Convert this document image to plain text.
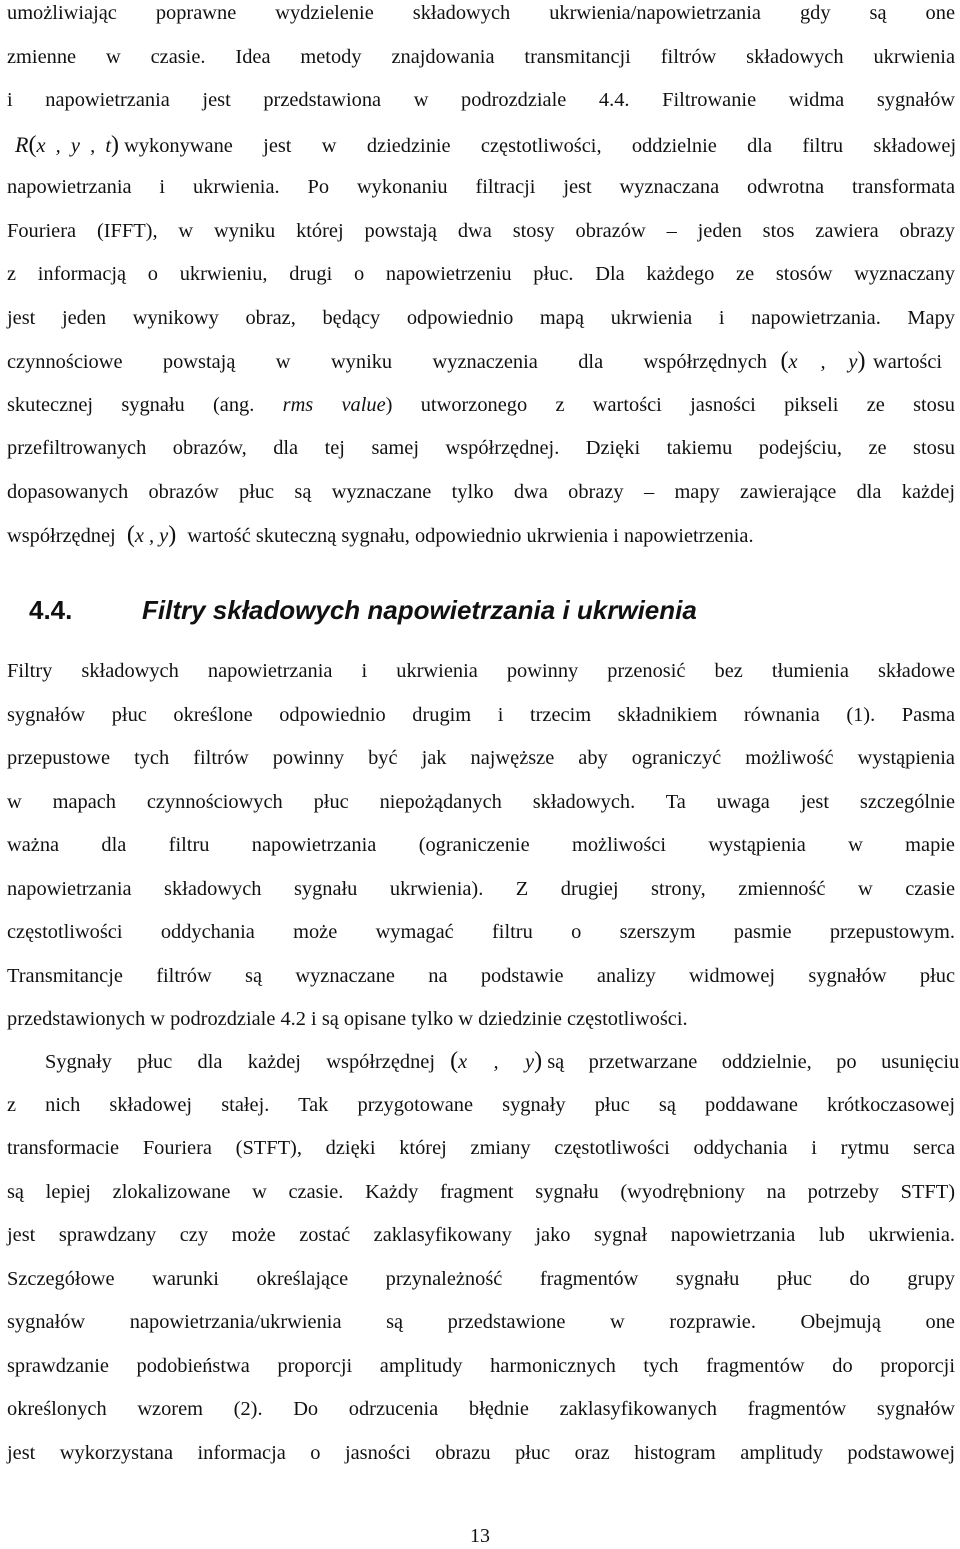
umożliwiając poprawne wydzielenie składowych ukrwienia/napowietrzania gdy są one
zmienne w czasie. Idea metody znajdowania transmitancji filtrów składowych ukrwienia
i napowietrzania jest przedstawiona w podrozdziale 4.4. Filtrowanie widma sygnałów
R(x , y , t) wykonywane jest w dziedzinie częstotliwości, oddzielnie dla filtru składowej
napowietrzania i ukrwienia. Po wykonaniu filtracji jest wyznaczana odwrotna transformata
Fouriera (IFFT), w wyniku której powstają dwa stosy obrazów – jeden stos zawiera obrazy
z informacją o ukrwieniu, drugi o napowietrzeniu płuc. Dla każdego ze stosów wyznaczany
jest jeden wynikowy obraz, będący odpowiednio mapą ukrwienia i napowietrzania. Mapy
czynnościowe powstają w wyniku wyznaczenia dla współrzędnych (x , y) wartości
skutecznej sygnału (ang. rms value) utworzonego z wartości jasności pikseli ze stosu
przefiltrowanych obrazów, dla tej samej współrzędnej. Dzięki takiemu podejściu, ze stosu
dopasowanych obrazów płuc są wyznaczane tylko dwa obrazy – mapy zawierające dla każdej
współrzędnej (x , y) wartość skuteczną sygnału, odpowiednio ukrwienia i napowietrzenia.
4.4.	Filtry składowych napowietrzania i ukrwienia
Filtry składowych napowietrzania i ukrwienia powinny przenosić bez tłumienia składowe
sygnałów płuc określone odpowiednio drugim i trzecim składnikiem równania (1). Pasma
przepustowe tych filtrów powinny być jak najwęższe aby ograniczyć możliwość wystąpienia
w mapach czynnościowych płuc niepożądanych składowych. Ta uwaga jest szczególnie
ważna dla filtru napowietrzania (ograniczenie możliwości wystąpienia w mapie
napowietrzania składowych sygnału ukrwienia). Z drugiej strony, zmienność w czasie
częstotliwości oddychania może wymagać filtru o szerszym pasmie przepustowym.
Transmitancje filtrów są wyznaczane na podstawie analizy widmowej sygnałów płuc
przedstawionych w podrozdziale 4.2 i są opisane tylko w dziedzinie częstotliwości.
Sygnały płuc dla każdej współrzędnej (x , y) są przetwarzane oddzielnie, po usunięciu
z nich składowej stałej. Tak przygotowane sygnały płuc są poddawane krótkoczasowej
transformacie Fouriera (STFT), dzięki której zmiany częstotliwości oddychania i rytmu serca
są lepiej zlokalizowane w czasie. Każdy fragment sygnału (wyodrębniony na potrzeby STFT)
jest sprawdzany czy może zostać zaklasyfikowany jako sygnał napowietrzania lub ukrwienia.
Szczegółowe warunki określające przynależność fragmentów sygnału płuc do grupy
sygnałów napowietrzania/ukrwienia są przedstawione w rozprawie. Obejmują one
sprawdzanie podobieństwa proporcji amplitudy harmonicznych tych fragmentów do proporcji
określonych wzorem (2). Do odrzucenia błędnie zaklasyfikowanych fragmentów sygnałów
jest wykorzystana informacja o jasności obrazu płuc oraz histogram amplitudy podstawowej
13
